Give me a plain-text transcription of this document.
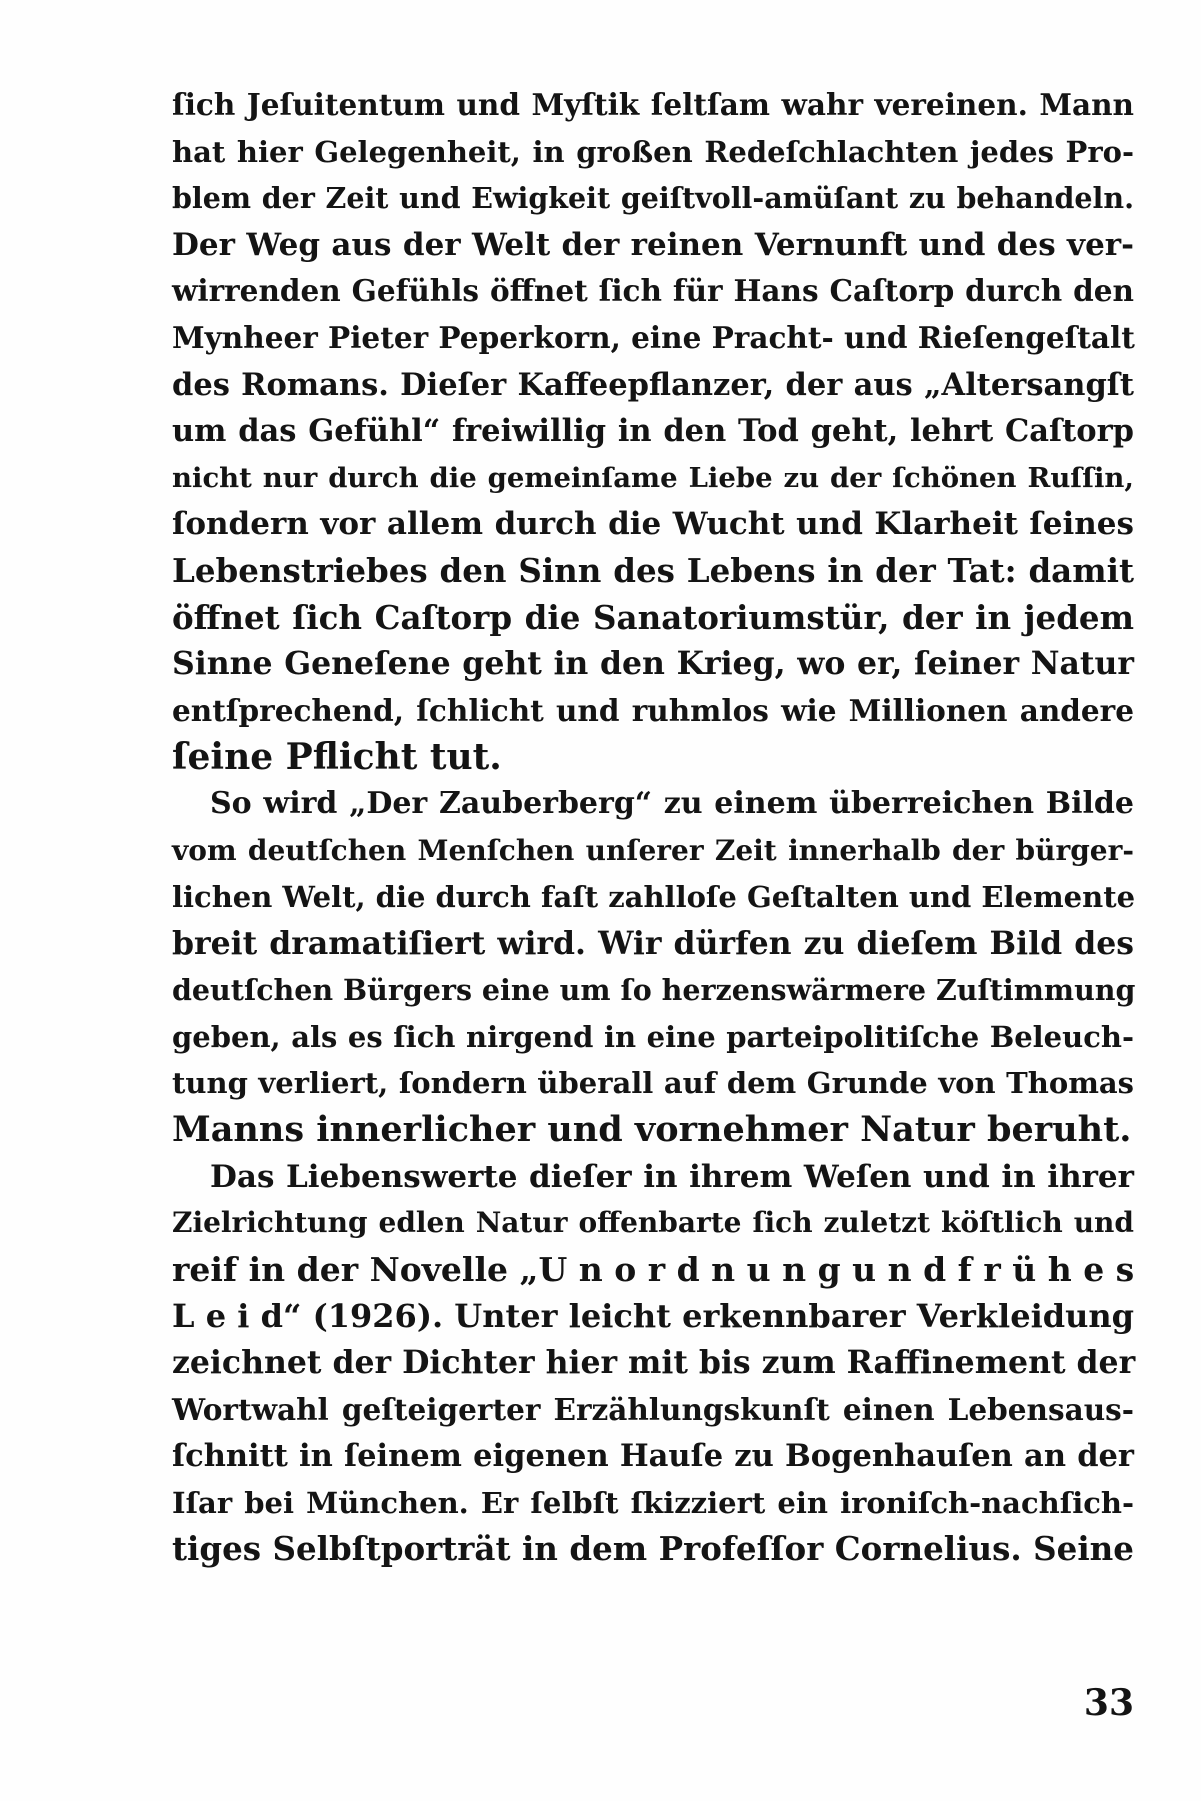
ſich Jeſuitentum und Myſtik ſeltſam wahr vereinen. Mann
hat hier Gelegenheit, in großen Redeſchlachten jedes Pro-
blem der Zeit und Ewigkeit geiſtvoll-amüſant zu behandeln.
Der Weg aus der Welt der reinen Vernunft und des ver-
wirrenden Gefühls öffnet ſich für Hans Caſtorp durch den
Mynheer Pieter Peperkorn, eine Pracht- und Rieſengeſtalt
des Romans. Dieſer Kaffeepflanzer, der aus „Altersangſt
um das Gefühl“ freiwillig in den Tod geht, lehrt Caſtorp
nicht nur durch die gemeinſame Liebe zu der ſchönen Ruſſin,
ſondern vor allem durch die Wucht und Klarheit ſeines
Lebenstriebes den Sinn des Lebens in der Tat: damit
öffnet ſich Caſtorp die Sanatoriumstür, der in jedem
Sinne Geneſene geht in den Krieg, wo er, ſeiner Natur
entſprechend, ſchlicht und ruhmlos wie Millionen andere
ſeine Pflicht tut.
So wird „Der Zauberberg“ zu einem überreichen Bilde
vom deutſchen Menſchen unſerer Zeit innerhalb der bürger-
lichen Welt, die durch faſt zahlloſe Geſtalten und Elemente
breit dramatiſiert wird. Wir dürfen zu dieſem Bild des
deutſchen Bürgers eine um ſo herzenswärmere Zuſtimmung
geben, als es ſich nirgend in eine parteipolitiſche Beleuch-
tung verliert, ſondern überall auf dem Grunde von Thomas
Manns innerlicher und vornehmer Natur beruht.
Das Liebenswerte dieſer in ihrem Weſen und in ihrer
Zielrichtung edlen Natur offenbarte ſich zuletzt köſtlich und
reif in der Novelle „U n o r d n u n g u n d f r ü h e s
L e i d“ (1926). Unter leicht erkennbarer Verkleidung
zeichnet der Dichter hier mit bis zum Raffinement der
Wortwahl geſteigerter Erzählungskunſt einen Lebensaus-
ſchnitt in ſeinem eigenen Hauſe zu Bogenhauſen an der
Iſar bei München. Er ſelbſt ſkizziert ein ironiſch-nachſich-
tiges Selbſtporträt in dem Profeſſor Cornelius. Seine
33
